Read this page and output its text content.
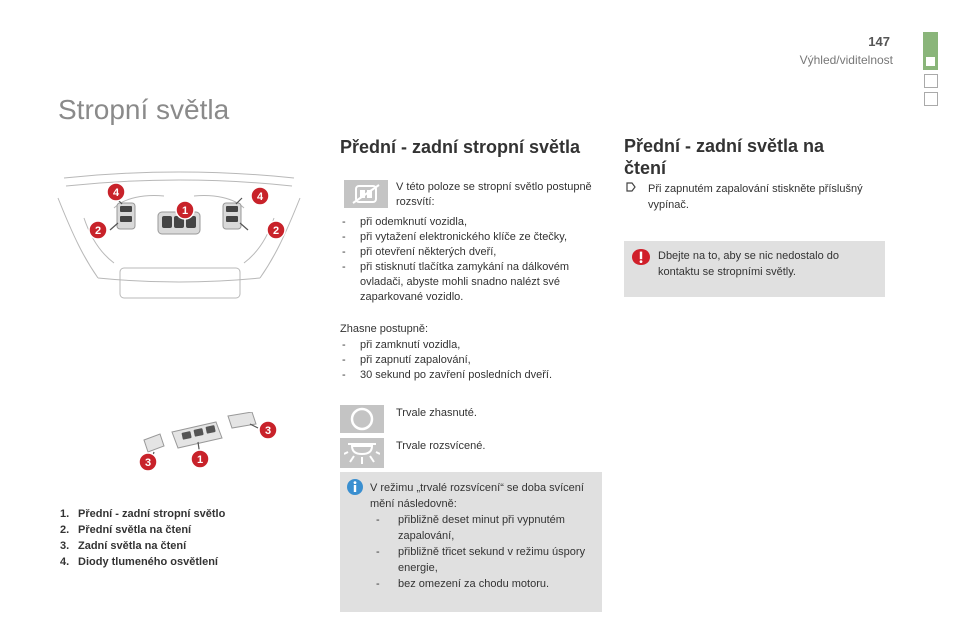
147
Výhled/viditelnost
Stropní světla
4	4
1
2	2
3
3	1
1. Přední - zadní stropní světlo
2. Přední světla na čtení
3. Zadní světla na čtení
4. Diody tlumeného osvětlení
Přední - zadní stropní světla
V této poloze se stropní světlo postupně rozsvítí:
- při odemknutí vozidla,
- při vytažení elektronického klíče ze čtečky,
- při otevření některých dveří,
- při stisknutí tlačítka zamykání na dálkovém ovladači, abyste mohli snadno nalézt své zaparkované vozidlo.
Zhasne postupně:
- při zamknutí vozidla,
- při zapnutí zapalování,
- 30 sekund po zavření posledních dveří.
Trvale zhasnuté.
Trvale rozsvícené.
V režimu „trvalé rozsvícení“ se doba svícení mění následovně:
- přibližně deset minut při vypnutém zapalování,
- přibližně třicet sekund v režimu úspory energie,
- bez omezení za chodu motoru.
Přední - zadní světla na čtení
Při zapnutém zapalování stiskněte příslušný vypínač.
Dbejte na to, aby se nic nedostalo do kontaktu se stropními světly.
